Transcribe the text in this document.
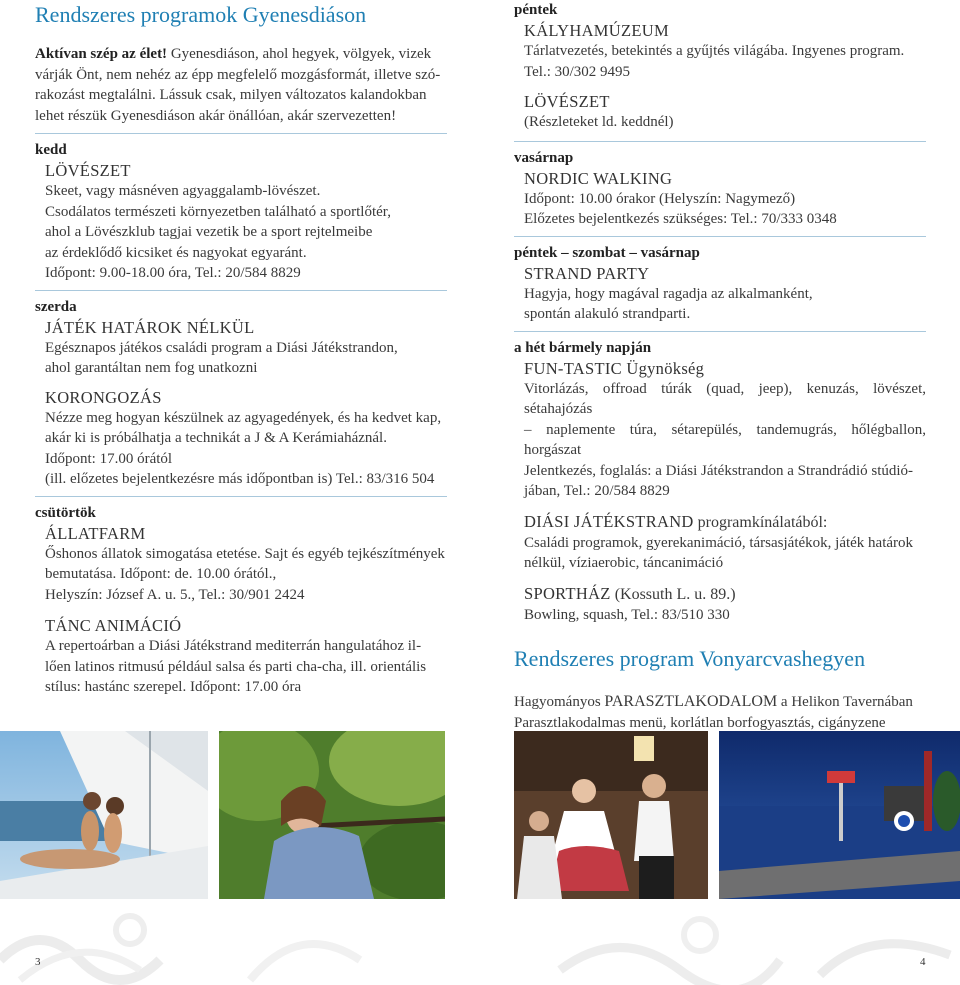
Rendszeres programok Gyenesdiáson

Aktívan szép az élet! Gyenesdiáson, ahol hegyek, völgyek, vizek

várják Önt, nem nehéz az épp megfelelő mozgásformát, illetve szó-

rakozást megtalálni. Lássuk csak, milyen változatos kalandokban

lehet részük Gyenesdiáson akár önállóan, akár szervezetten!

kedd
LÖVÉSZET

Skeet, vagy másnéven agyaggalamb-lövészet.

Csodálatos természeti környezetben található a sportlőtér,

ahol a Lövészklub tagjai vezetik be a sport rejtelmeibe

az érdeklődő kicsiket és nagyokat egyaránt.

Időpont: 9.00-18.00 óra, Tel.: 20/584 8829

szerda
JÁTÉK HATÁROK NÉLKÜL

Egésznapos játékos családi program a Diási Játékstrandon,

ahol garantáltan nem fog unatkozni

KORONGOZÁS

Nézze meg hogyan készülnek az agyagedények, és ha kedvet kap,

akár ki is próbálhatja a technikát a J & A Kerámiaháznál.

Időpont: 17.00 órától

(ill. előzetes bejelentkezésre más időpontban is) Tel.: 83/316 504

csütörtök
ÁLLATFARM

Őshonos állatok simogatása etetése. Sajt és egyéb tejkészítmények

bemutatása. Időpont: de. 10.00 órától.,

Helyszín: József A. u. 5., Tel.: 30/901 2424

TÁNC ANIMÁCIÓ

A repertoárban a Diási Játékstrand mediterrán hangulatához il-

lően latinos ritmusú például salsa és parti cha-cha, ill. orientális

stílus: hastánc szerepel. Időpont: 17.00 óra

péntek
KÁLYHAMÚZEUM

Tárlatvezetés, betekintés a gyűjtés világába. Ingyenes program.

Tel.: 30/302 9495

LÖVÉSZET

(Részleteket ld. keddnél)

vasárnap
NORDIC WALKING

Időpont: 10.00 órakor (Helyszín: Nagymező)

Előzetes bejelentkezés szükséges: Tel.: 70/333 0348

péntek – szombat – vasárnap
STRAND PARTY

Hagyja, hogy magával ragadja az alkalmanként,

spontán alakuló strandparti.

a hét bármely napján
FUN-TASTIC Ügynökség

Vitorlázás, offroad túrák (quad, jeep), kenuzás, lövészet, sétahajózás

– naplemente túra, sétarepülés, tandemugrás, hőlégballon, horgászat

Jelentkezés, foglalás: a Diási Játékstrandon a Strandrádió stúdió-

jában, Tel.: 20/584 8829

DIÁSI JÁTÉKSTRAND programkínálatából:

Családi programok, gyerekanimáció, társasjátékok, játék határok

nélkül, víziaerobic, táncanimáció

SPORTHÁZ (Kossuth L. u. 89.)

Bowling, squash, Tel.: 83/510 330

Rendszeres program Vonyarcvashegyen

Hagyományos PARASZTLAKODALOM a Helikon Tavernában

Parasztlakodalmas menü, korlátlan borfogyasztás, cigányzene

3	4
